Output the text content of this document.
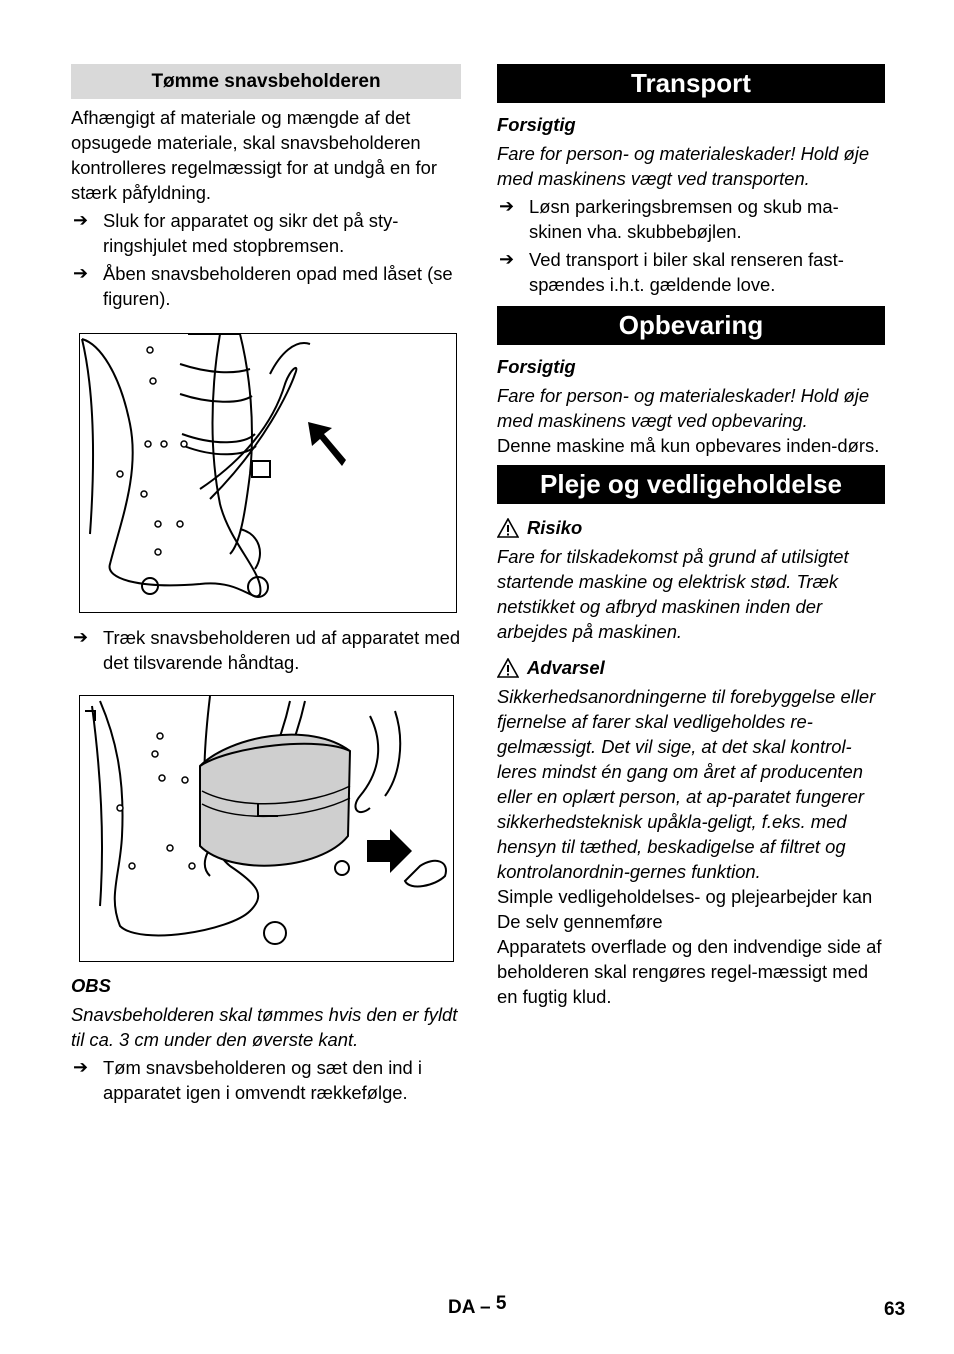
Tømme snavsbeholderen

Afhængigt af materiale og mængde af det opsugede materiale, skal snavsbeholderen kontrolleres regelmæssigt for at undgå en for stærk påfyldning.

➔ Sluk for apparatet og sikr det på sty-ringshjulet med stopbremsen.
➔ Åben snavsbeholderen opad med låset (se figuren).
➔ Træk snavsbeholderen ud af apparatet med det tilsvarende håndtag.
OBS

Snavsbeholderen skal tømmes hvis den er fyldt til ca. 3 cm under den øverste kant.

➔ Tøm snavsbeholderen og sæt den ind i apparatet igen i omvendt rækkefølge.
Transport
Forsigtig

Fare for person- og materialeskader! Hold øje med maskinens vægt ved transporten.

➔ Løsn parkeringsbremsen og skub ma-skinen vha. skubbebøjlen.
➔ Ved transport i biler skal renseren fast-spændes i.h.t. gældende love.
Opbevaring
Forsigtig

Fare for person- og materialeskader! Hold øje med maskinens vægt ved opbevaring.

Denne maskine må kun opbevares inden-dørs.

Pleje og vedligeholdelse
Risiko

Fare for tilskadekomst på grund af utilsigtet startende maskine og elektrisk stød. Træk netstikket og afbryd maskinen inden der arbejdes på maskinen.

Advarsel

Sikkerhedsanordningerne til forebyggelse eller fjernelse af farer skal vedligeholdes re-gelmæssigt. Det vil sige, at det skal kontrol-leres mindst én gang om året af producenten eller en oplært person, at ap-paratet fungerer sikkerhedsteknisk upåkla-geligt, f.eks. med hensyn til tæthed, beskadigelse af filtret og kontrolanordnin-gernes funktion.

Simple vedligeholdelses- og plejearbejder kan De selv gennemføre

Apparatets overflade og den indvendige side af beholderen skal rengøres regel-mæssigt med en fugtig klud.

DA – 5	63
